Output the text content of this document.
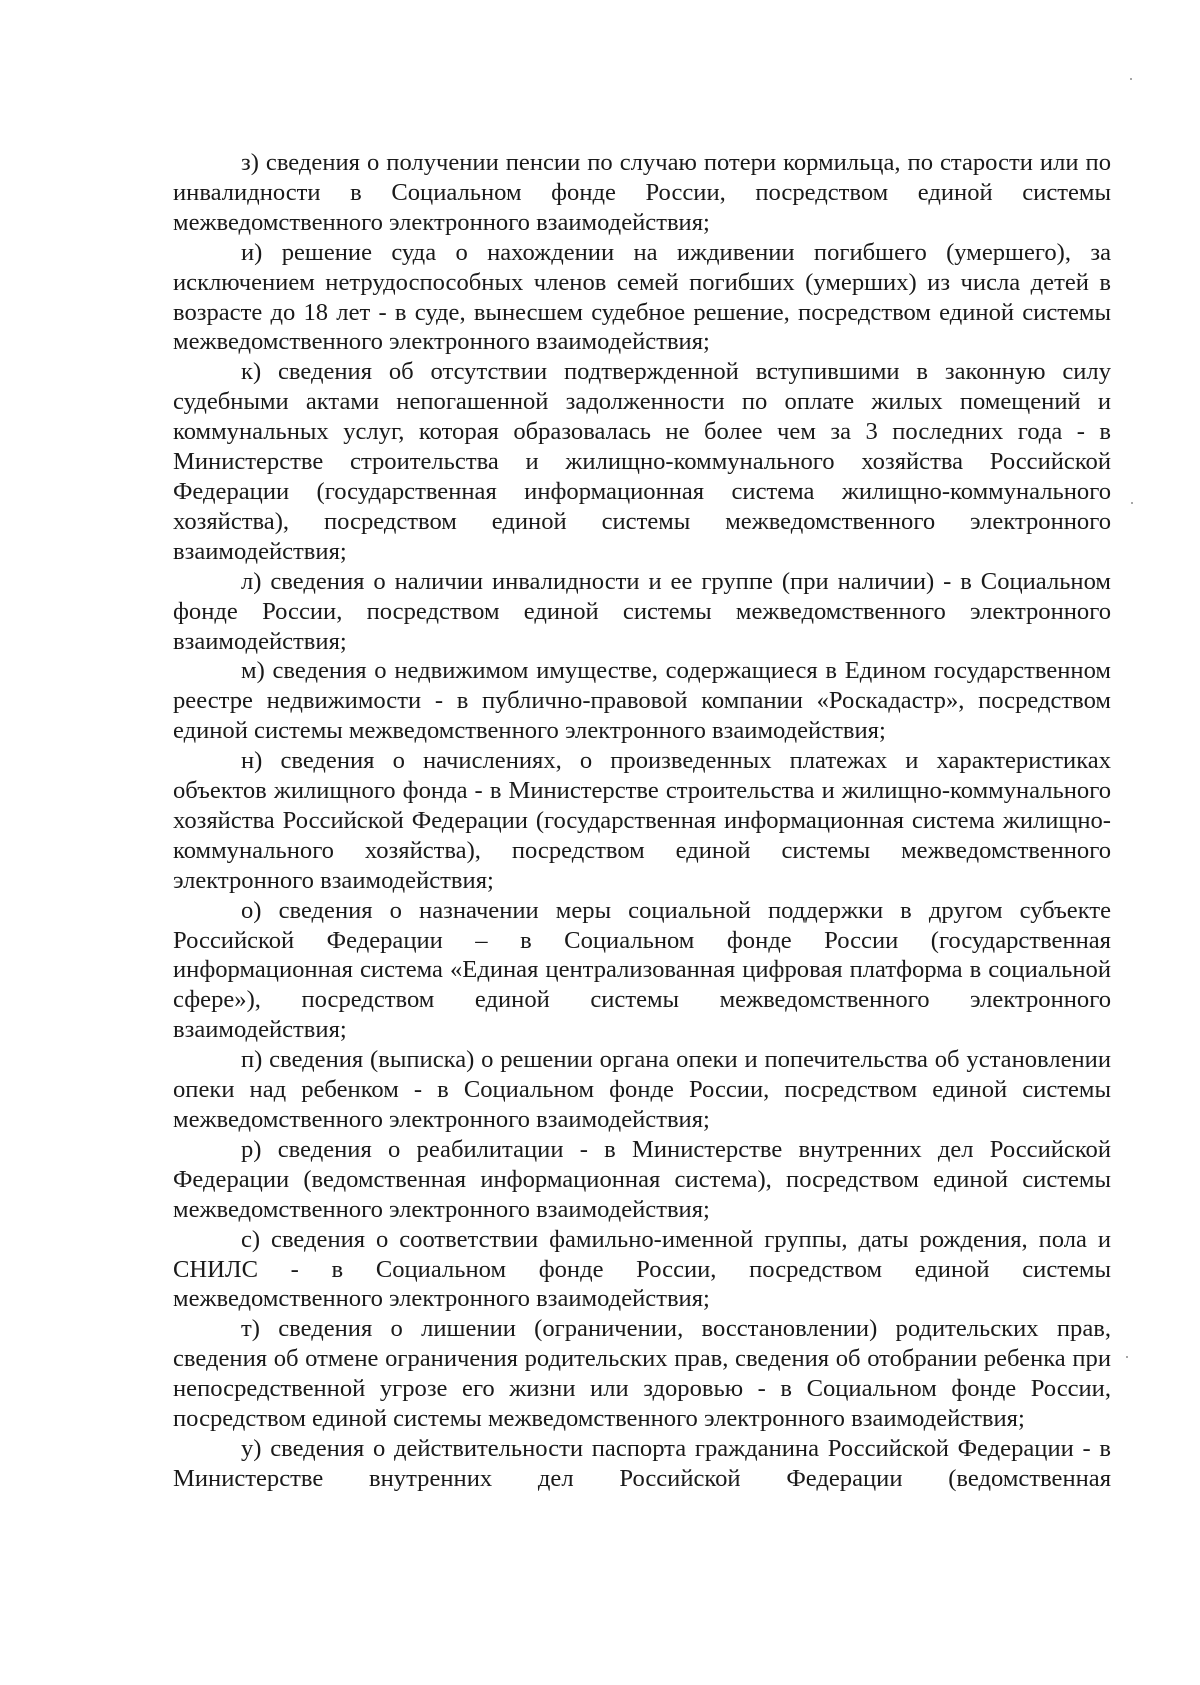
з) сведения о получении пенсии по случаю потери кормильца, по старости или по инвалидности в Социальном фонде России, посредством единой системы межведомственного электронного взаимодействия;

и) решение суда о нахождении на иждивении погибшего (умершего), за исключением нетрудоспособных членов семей погибших (умерших) из числа детей в возрасте до 18 лет - в суде, вынесшем судебное решение, посредством единой системы межведомственного электронного взаимодействия;

к) сведения об отсутствии подтвержденной вступившими в законную силу судебными актами непогашенной задолженности по оплате жилых помещений и коммунальных услуг, которая образовалась не более чем за 3 последних года - в Министерстве строительства и жилищно-коммунального хозяйства Российской Федерации (государственная информационная система жилищно-коммунального хозяйства), посредством единой системы межведомственного электронного взаимодействия;

л) сведения о наличии инвалидности и ее группе (при наличии) - в Социальном фонде России, посредством единой системы межведомственного электронного взаимодействия;

м) сведения о недвижимом имуществе, содержащиеся в Едином государственном реестре недвижимости - в публично-правовой компании «Роскадастр», посредством единой системы межведомственного электронного взаимодействия;

н) сведения о начислениях, о произведенных платежах и характеристиках объектов жилищного фонда - в Министерстве строительства и жилищно-коммунального хозяйства Российской Федерации (государственная информационная система жилищно-коммунального хозяйства), посредством единой системы межведомственного электронного взаимодействия;

о) сведения о назначении меры социальной поддержки в другом субъекте Российской Федерации – в Социальном фонде России (государственная информационная система «Единая централизованная цифровая платформа в социальной сфере»), посредством единой системы межведомственного электронного взаимодействия;

п) сведения (выписка) о решении органа опеки и попечительства об установлении опеки над ребенком - в Социальном фонде России, посредством единой системы межведомственного электронного взаимодействия;

р) сведения о реабилитации - в Министерстве внутренних дел Российской Федерации (ведомственная информационная система), посредством единой системы межведомственного электронного взаимодействия;

с) сведения о соответствии фамильно-именной группы, даты рождения, пола и СНИЛС - в Социальном фонде России, посредством единой системы межведомственного электронного взаимодействия;

т) сведения о лишении (ограничении, восстановлении) родительских прав, сведения об отмене ограничения родительских прав, сведения об отобрании ребенка при непосредственной угрозе его жизни или здоровью - в Социальном фонде России, посредством единой системы межведомственного электронного взаимодействия;

у) сведения о действительности паспорта гражданина Российской Федерации - в Министерстве внутренних дел Российской Федерации (ведомственная
